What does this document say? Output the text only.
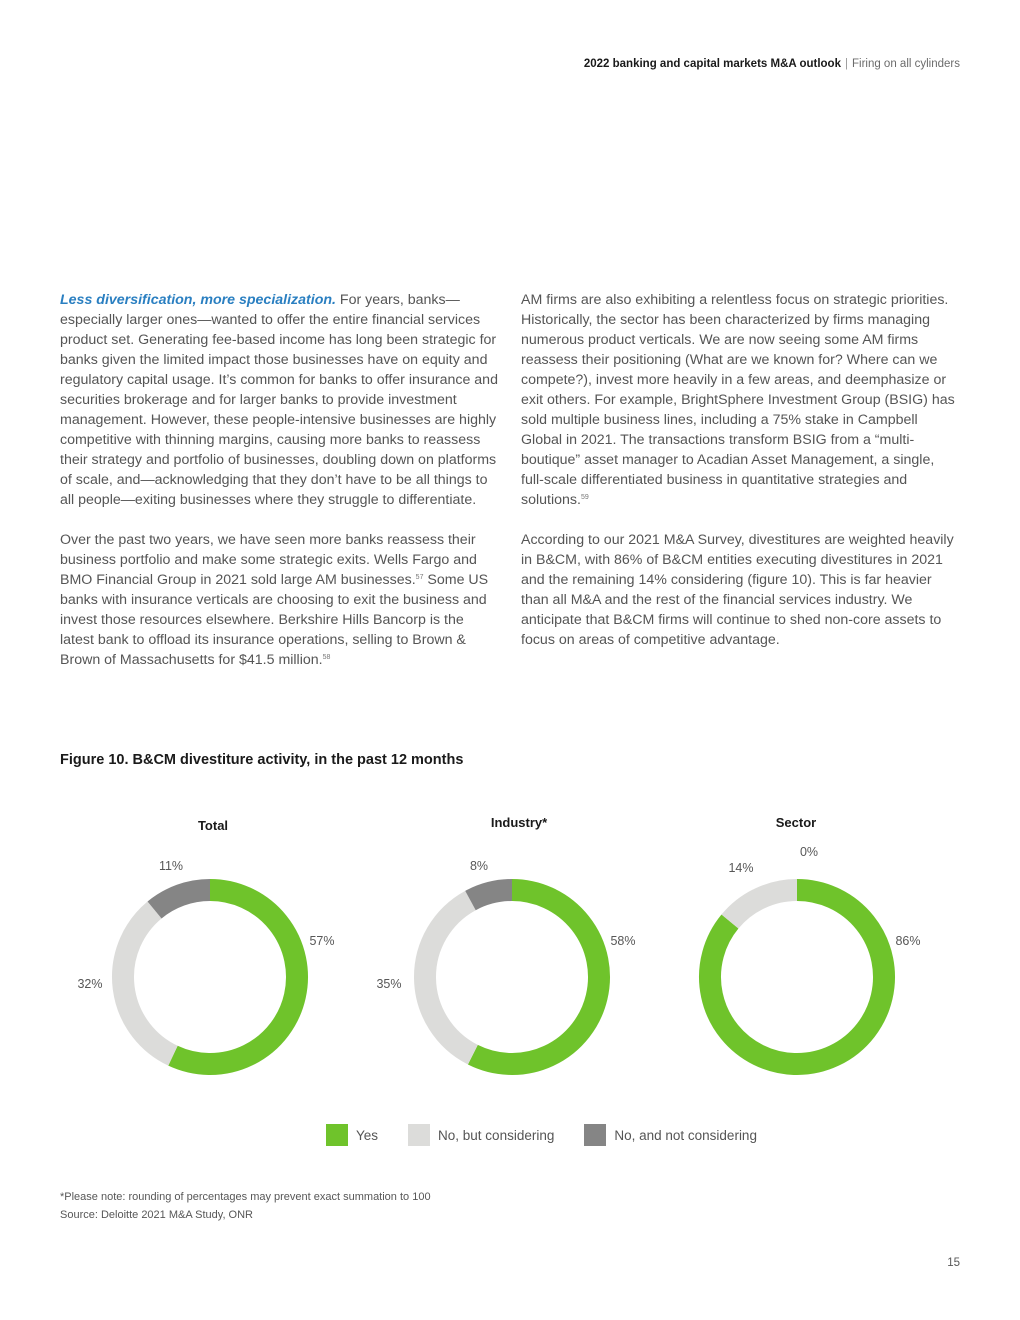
2022 banking and capital markets M&A outlook | Firing on all cylinders

Less diversification, more specialization. For years, banks—especially larger ones—wanted to offer the entire financial services product set. Generating fee-based income has long been strategic for banks given the limited impact those businesses have on equity and regulatory capital usage. It’s common for banks to offer insurance and securities brokerage and for larger banks to provide investment management. However, these people-intensive businesses are highly competitive with thinning margins, causing more banks to reassess their strategy and portfolio of businesses, doubling down on platforms of scale, and—acknowledging that they don’t have to be all things to all people—exiting businesses where they struggle to differentiate.

Over the past two years, we have seen more banks reassess their business portfolio and make some strategic exits. Wells Fargo and BMO Financial Group in 2021 sold large AM businesses.$^{57}$ Some US banks with insurance verticals are choosing to exit the business and invest those resources elsewhere. Berkshire Hills Bancorp is the latest bank to offload its insurance operations, selling to Brown & Brown of Massachusetts for $41.5 million.$^{58}$

AM firms are also exhibiting a relentless focus on strategic priorities. Historically, the sector has been characterized by firms managing numerous product verticals. We are now seeing some AM firms reassess their positioning (What are we known for? Where can we compete?), invest more heavily in a few areas, and deemphasize or exit others. For example, BrightSphere Investment Group (BSIG) has sold multiple business lines, including a 75% stake in Campbell Global in 2021. The transactions transform BSIG from a “multi-boutique” asset manager to Acadian Asset Management, a single, full-scale differentiated business in quantitative strategies and solutions.$^{59}$

According to our 2021 M&A Survey, divestitures are weighted heavily in B&CM, with 86% of B&CM entities executing divestitures in 2021 and the remaining 14% considering (figure 10). This is far heavier than all M&A and the rest of the financial services industry. We anticipate that B&CM firms will continue to shed non-core assets to focus on areas of competitive advantage.

Figure 10. B&CM divestiture activity, in the past 12 months
Total	Industry*	Sector
57%
32%
11%
58%
35%
8%
86%
14%
0%
Yes	No, but considering	No, and not considering
*Please note: rounding of percentages may prevent exact summation to 100
Source: Deloitte 2021 M&A Study, ONR
15
